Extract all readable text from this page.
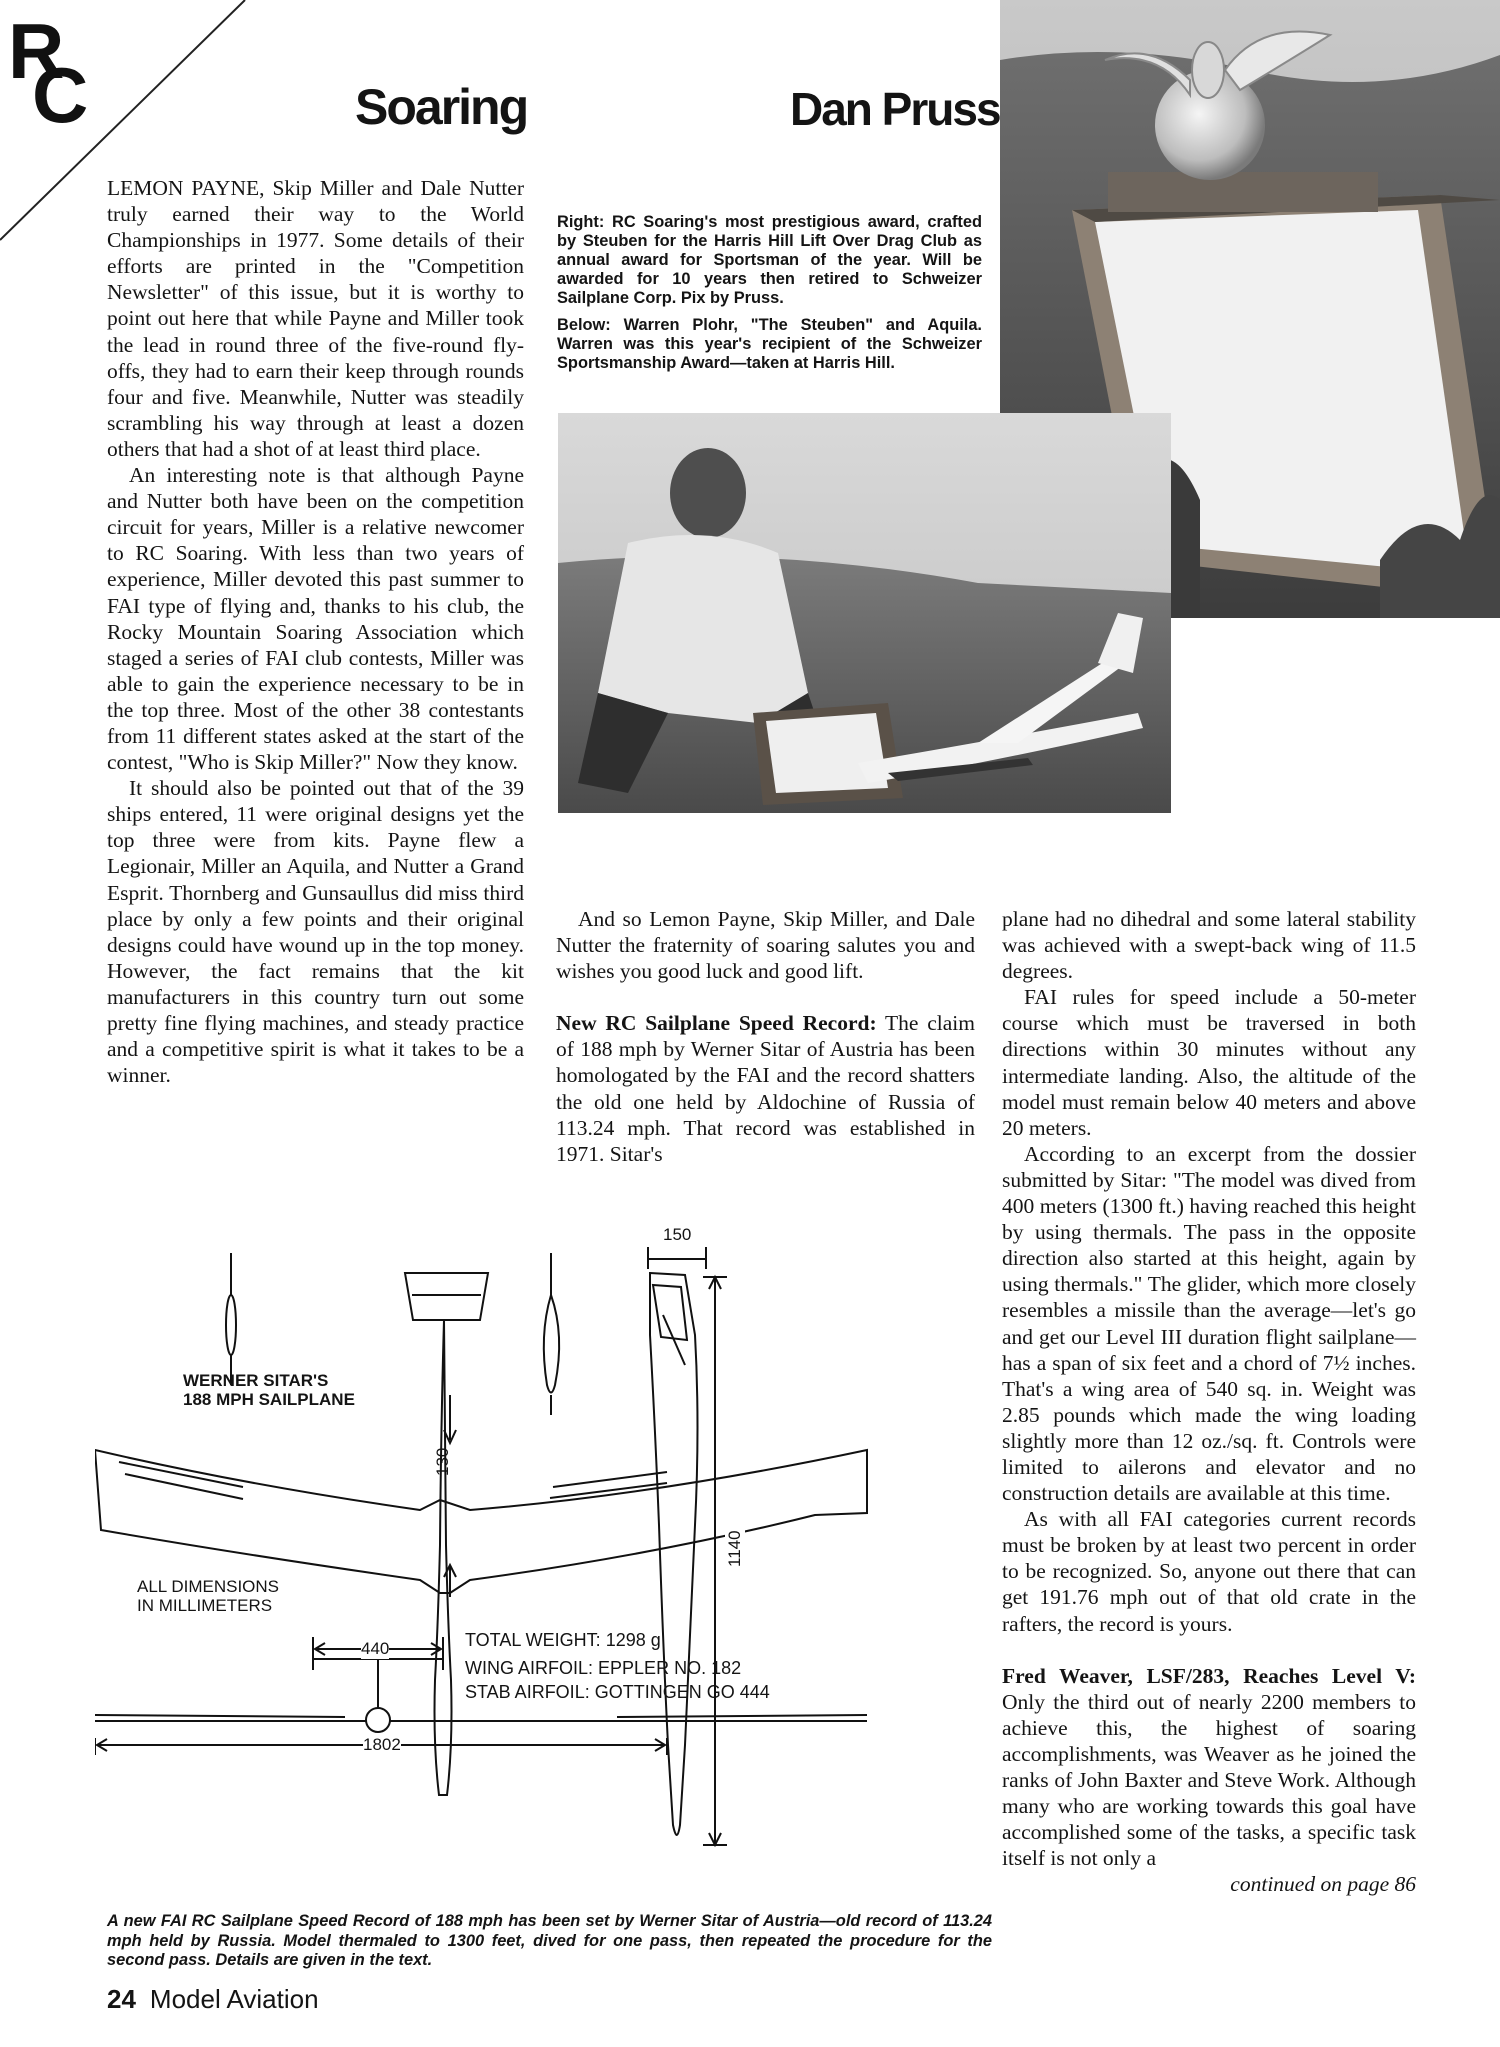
R
C	Soaring	Dan Pruss

Right: RC Soaring's most prestigious award, crafted by Steuben for the Harris Hill Lift Over Drag Club as annual award for Sportsman of the year. Will be awarded for 10 years then retired to Schweizer Sailplane Corp. Pix by Pruss.

Below: Warren Plohr, "The Steuben" and Aquila. Warren was this year's recipient of the Schweizer Sportsmanship Award—taken at Harris Hill.

LEMON PAYNE, Skip Miller and Dale Nutter truly earned their way to the World Championships in 1977. Some details of their efforts are printed in the "Competition Newsletter" of this issue, but it is worthy to point out here that while Payne and Miller took the lead in round three of the five-round fly-offs, they had to earn their keep through rounds four and five. Meanwhile, Nutter was steadily scrambling his way through at least a dozen others that had a shot of at least third place.

An interesting note is that although Payne and Nutter both have been on the competition circuit for years, Miller is a relative newcomer to RC Soaring. With less than two years of experience, Miller devoted this past summer to FAI type of flying and, thanks to his club, the Rocky Mountain Soaring Association which staged a series of FAI club contests, Miller was able to gain the experience necessary to be in the top three. Most of the other 38 contestants from 11 different states asked at the start of the contest, "Who is Skip Miller?" Now they know.

It should also be pointed out that of the 39 ships entered, 11 were original designs yet the top three were from kits. Payne flew a Legionair, Miller an Aquila, and Nutter a Grand Esprit. Thornberg and Gunsaullus did miss third place by only a few points and their original designs could have wound up in the top money. However, the fact remains that the kit manufacturers in this country turn out some pretty fine flying machines, and steady practice and a competitive spirit is what it takes to be a winner.

And so Lemon Payne, Skip Miller, and Dale Nutter the fraternity of soaring salutes you and wishes you good luck and good lift.

New RC Sailplane Speed Record: The claim of 188 mph by Werner Sitar of Austria has been homologated by the FAI and the record shatters the old one held by Aldochine of Russia of 113.24 mph. That record was established in 1971. Sitar's

plane had no dihedral and some lateral stability was achieved with a swept-back wing of 11.5 degrees.

FAI rules for speed include a 50-meter course which must be traversed in both directions within 30 minutes without any intermediate landing. Also, the altitude of the model must remain below 40 meters and above 20 meters.

According to an excerpt from the dossier submitted by Sitar: "The model was dived from 400 meters (1300 ft.) having reached this height by using thermals. The pass in the opposite direction also started at this height, again by using thermals." The glider, which more closely resembles a missile than the average—let's go and get our Level III duration flight sailplane—has a span of six feet and a chord of 7½ inches. That's a wing area of 540 sq. in. Weight was 2.85 pounds which made the wing loading slightly more than 12 oz./sq. ft. Controls were limited to ailerons and elevator and no construction details are available at this time.

As with all FAI categories current records must be broken by at least two percent in order to be recognized. So, anyone out there that can get 191.76 mph out of that old crate in the rafters, the record is yours.

Fred Weaver, LSF/283, Reaches Level V: Only the third out of nearly 2200 members to achieve this, the highest of soaring accomplishments, was Weaver as he joined the ranks of John Baxter and Steve Work. Although many who are working towards this goal have accomplished some of the tasks, a specific task itself is not only a

continued on page 86

WERNER SITAR'S
188 MPH SAILPLANE
ALL DIMENSIONS
IN MILLIMETERS
130
1140
150
440
1802
TOTAL WEIGHT: 1298 g
WING AIRFOIL: EPPLER NO. 182
STAB AIRFOIL: GOTTINGEN GO 444
A new FAI RC Sailplane Speed Record of 188 mph has been set by Werner Sitar of Austria—old record of 113.24 mph held by Russia. Model thermaled to 1300 feet, dived for one pass, then repeated the procedure for the second pass. Details are given in the text.
24 Model Aviation
